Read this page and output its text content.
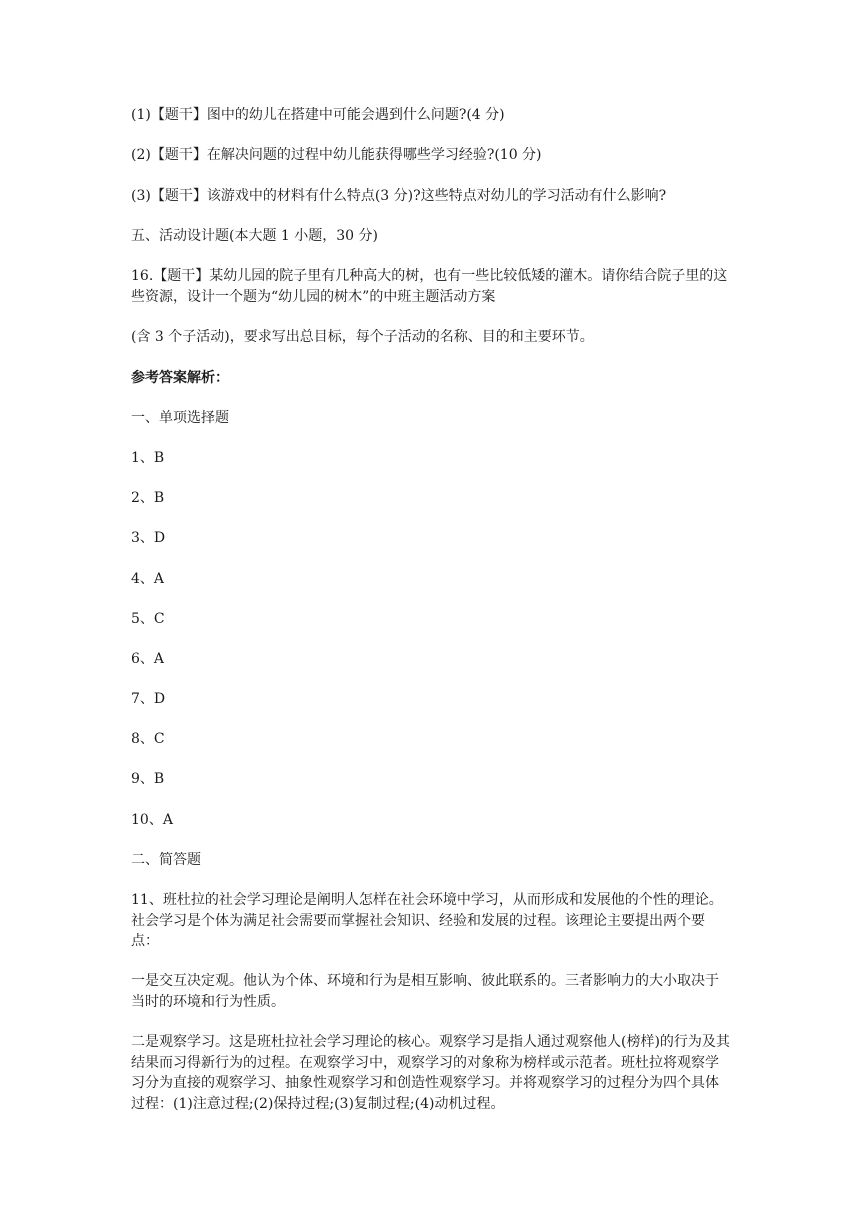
(1)【题干】图中的幼儿在搭建中可能会遇到什么问题?(4 分)
(2)【题干】在解决问题的过程中幼儿能获得哪些学习经验?(10 分)
(3)【题干】该游戏中的材料有什么特点(3 分)?这些特点对幼儿的学习活动有什么影响?
五、活动设计题(本大题 1 小题，30 分)
16.【题干】某幼儿园的院子里有几种高大的树，也有一些比较低矮的灌木。请你结合院子里的这些资源，设计一个题为“幼儿园的树木”的中班主题活动方案
(含 3 个子活动)，要求写出总目标，每个子活动的名称、目的和主要环节。
参考答案解析：
一、单项选择题
1、B
2、B
3、D
4、A
5、C
6、A
7、D
8、C
9、B
10、A
二、简答题
11、班杜拉的社会学习理论是阐明人怎样在社会环境中学习，从而形成和发展他的个性的理论。社会学习是个体为满足社会需要而掌握社会知识、经验和发展的过程。该理论主要提出两个要点：
一是交互决定观。他认为个体、环境和行为是相互影响、彼此联系的。三者影响力的大小取决于当时的环境和行为性质。
二是观察学习。这是班杜拉社会学习理论的核心。观察学习是指人通过观察他人(榜样)的行为及其结果而习得新行为的过程。在观察学习中，观察学习的对象称为榜样或示范者。班杜拉将观察学习分为直接的观察学习、抽象性观察学习和创造性观察学习。并将观察学习的过程分为四个具体过程：(1)注意过程;(2)保持过程;(3)复制过程;(4)动机过程。
